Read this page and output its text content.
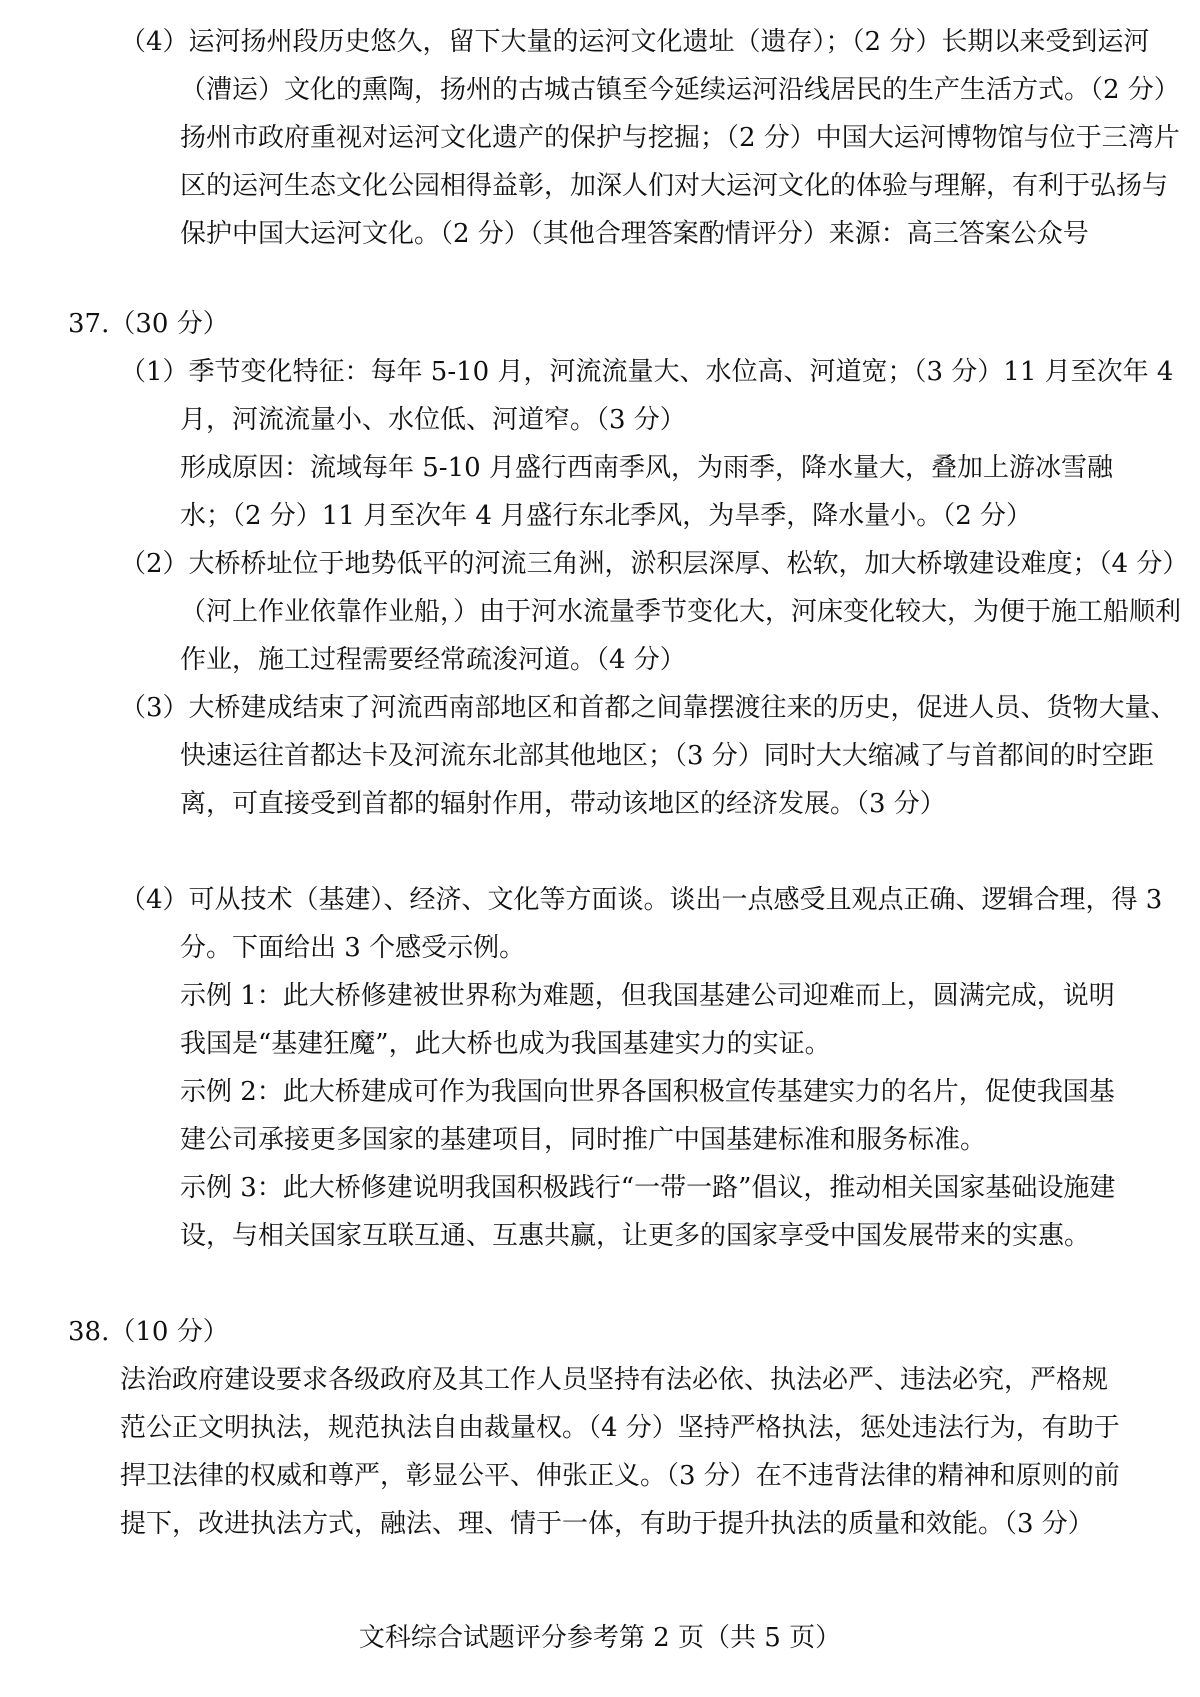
（4）运河扬州段历史悠久，留下大量的运河文化遗址（遗存）；（2 分）长期以来受到运河（漕运）文化的熏陶，扬州的古城古镇至今延续运河沿线居民的生产生活方式。（2 分）扬州市政府重视对运河文化遗产的保护与挖掘；（2 分）中国大运河博物馆与位于三湾片区的运河生态文化公园相得益彰，加深人们对大运河文化的体验与理解，有利于弘扬与保护中国大运河文化。（2 分）（其他合理答案酌情评分）来源：高三答案公众号

37.（30 分）

（1）季节变化特征：每年 5-10 月，河流流量大、水位高、河道宽；（3 分）11 月至次年 4 月，河流流量小、水位低、河道窄。（3 分）

形成原因：流域每年 5-10 月盛行西南季风，为雨季，降水量大，叠加上游冰雪融水；（2 分）11 月至次年 4 月盛行东北季风，为旱季，降水量小。（2 分）

（2）大桥桥址位于地势低平的河流三角洲，淤积层深厚、松软，加大桥墩建设难度；（4 分）（河上作业依靠作业船，）由于河水流量季节变化大，河床变化较大，为便于施工船顺利作业，施工过程需要经常疏浚河道。（4 分）

（3）大桥建成结束了河流西南部地区和首都之间靠摆渡往来的历史，促进人员、货物大量、快速运往首都达卡及河流东北部其他地区；（3 分）同时大大缩减了与首都间的时空距离，可直接受到首都的辐射作用，带动该地区的经济发展。（3 分）

（4）可从技术（基建）、经济、文化等方面谈。谈出一点感受且观点正确、逻辑合理，得 3 分。下面给出 3 个感受示例。

示例 1：此大桥修建被世界称为难题，但我国基建公司迎难而上，圆满完成，说明我国是“基建狂魔”，此大桥也成为我国基建实力的实证。

示例 2：此大桥建成可作为我国向世界各国积极宣传基建实力的名片，促使我国基建公司承接更多国家的基建项目，同时推广中国基建标准和服务标准。

示例 3：此大桥修建说明我国积极践行“一带一路”倡议，推动相关国家基础设施建设，与相关国家互联互通、互惠共赢，让更多的国家享受中国发展带来的实惠。

38.（10 分）

法治政府建设要求各级政府及其工作人员坚持有法必依、执法必严、违法必究，严格规范公正文明执法，规范执法自由裁量权。（4 分）坚持严格执法，惩处违法行为，有助于捍卫法律的权威和尊严，彰显公平、伸张正义。（3 分）在不违背法律的精神和原则的前提下，改进执法方式，融法、理、情于一体，有助于提升执法的质量和效能。（3 分）

文科综合试题评分参考第 2 页（共 5 页）
